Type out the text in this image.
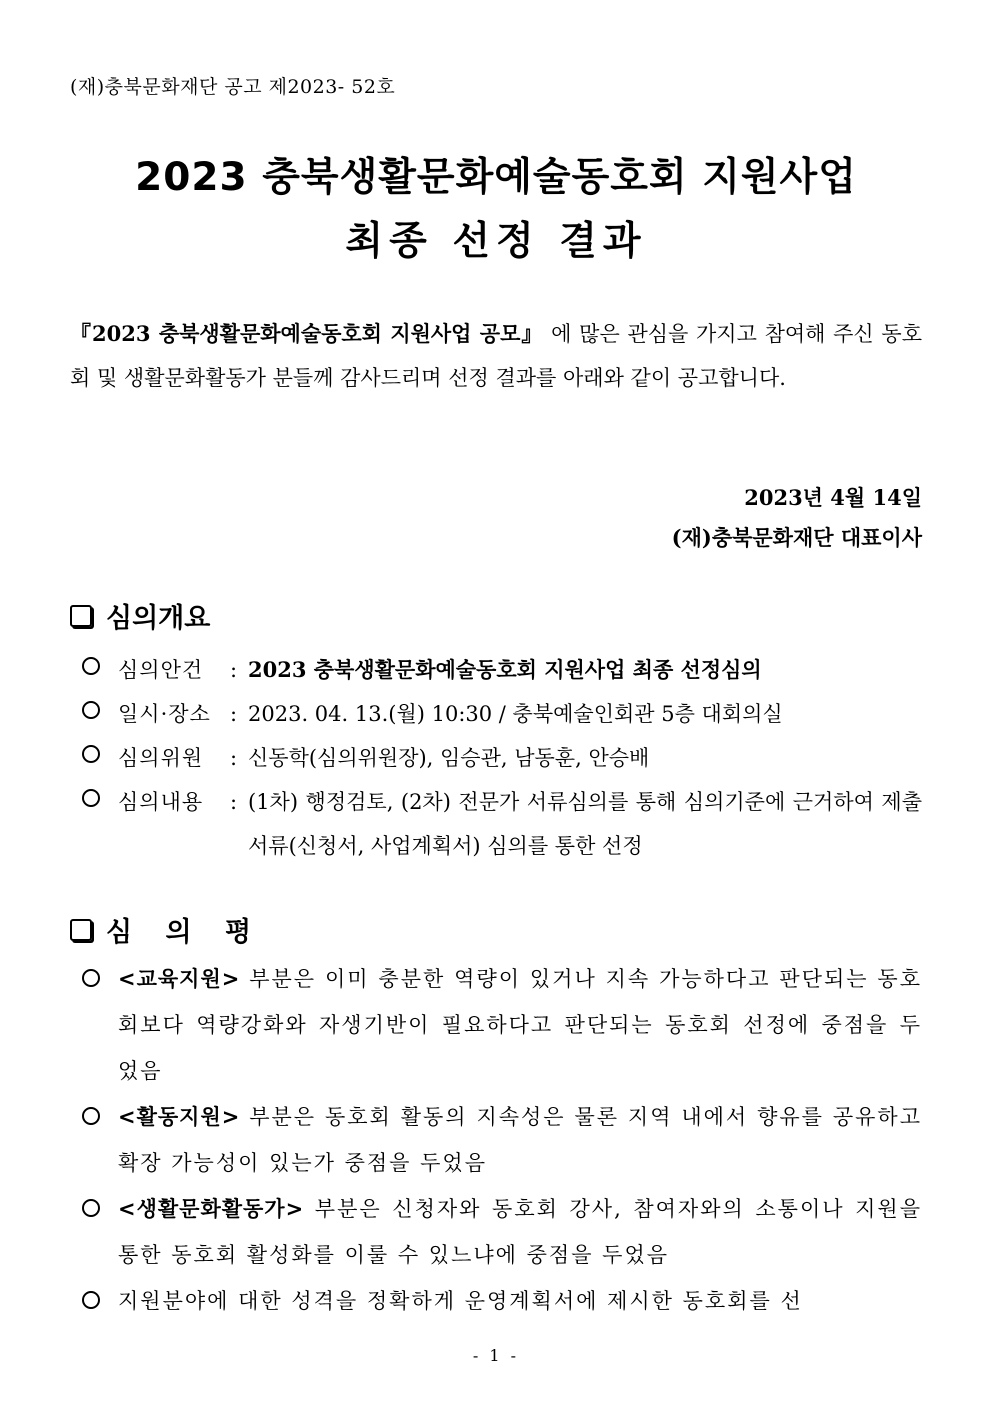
(재)충북문화재단 공고 제2023- 52호
2023 충북생활문화예술동호회 지원사업
최종 선정 결과
『2023 충북생활문화예술동호회 지원사업 공모』 에 많은 관심을 가지고 참여해 주신 동호회 및 생활문화활동가 분들께 감사드리며 선정 결과를 아래와 같이 공고합니다.
2023년 4월 14일
(재)충북문화재단 대표이사
심의개요
심의안건	: 2023 충북생활문화예술동호회 지원사업 최종 선정심의
일시·장소 : 2023. 04. 13.(월) 10:30 / 충북예술인회관 5층 대회의실
심의위원	: 신동학(심의위원장), 임승관, 남동훈, 안승배
심의내용	: (1차) 행정검토, (2차) 전문가 서류심의를 통해 심의기준에 근거하여 제출서류(신청서, 사업계획서) 심의를 통한 선정
심 의 평
<교육지원> 부분은 이미 충분한 역량이 있거나 지속 가능하다고 판단되는 동호회보다 역량강화와 자생기반이 필요하다고 판단되는 동호회 선정에 중점을 두었음
<활동지원> 부분은 동호회 활동의 지속성은 물론 지역 내에서 향유를 공유하고 확장 가능성이 있는가 중점을 두었음
<생활문화활동가> 부분은 신청자와 동호회 강사, 참여자와의 소통이나 지원을 통한 동호회 활성화를 이룰 수 있느냐에 중점을 두었음
지원분야에 대한 성격을 정확하게 운영계획서에 제시한 동호회를 선
- 1 -
